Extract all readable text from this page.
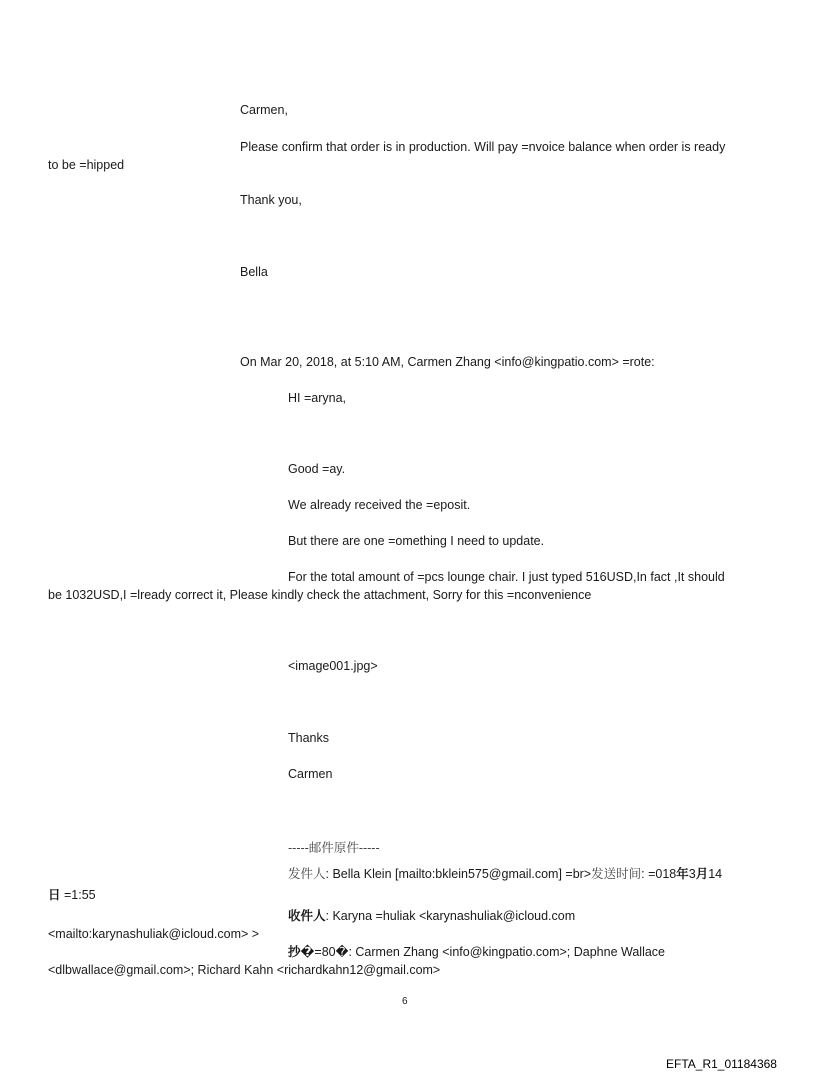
Carmen,
Please confirm that order is in production. Will pay =nvoice balance when order is ready
to be =hipped
Thank you,
Bella
On Mar 20, 2018, at 5:10 AM, Carmen Zhang <info@kingpatio.com> =rote:
HI =aryna,
Good =ay.
We already received the =eposit.
But there are one =omething I need to update.
For the total amount of =pcs lounge chair. I just typed 516USD,In fact ,It should
be 1032USD,I =lready correct it, Please kindly check the attachment, Sorry for this =nconvenience
<image001.jpg>
Thanks
Carmen
-----邮件原件-----
发件人: Bella Klein [mailto:bklein575@gmail.com] =br>发送时间: =018年3月14
日 =1:55
收件人: Karyna =huliak <karynashuliak@icloud.com
<mailto:karynashuliak@icloud.com> >
抄�=80�: Carmen Zhang <info@kingpatio.com>; Daphne Wallace
<dlbwallace@gmail.com>; Richard Kahn <richardkahn12@gmail.com>
6
EFTA_R1_01184368
